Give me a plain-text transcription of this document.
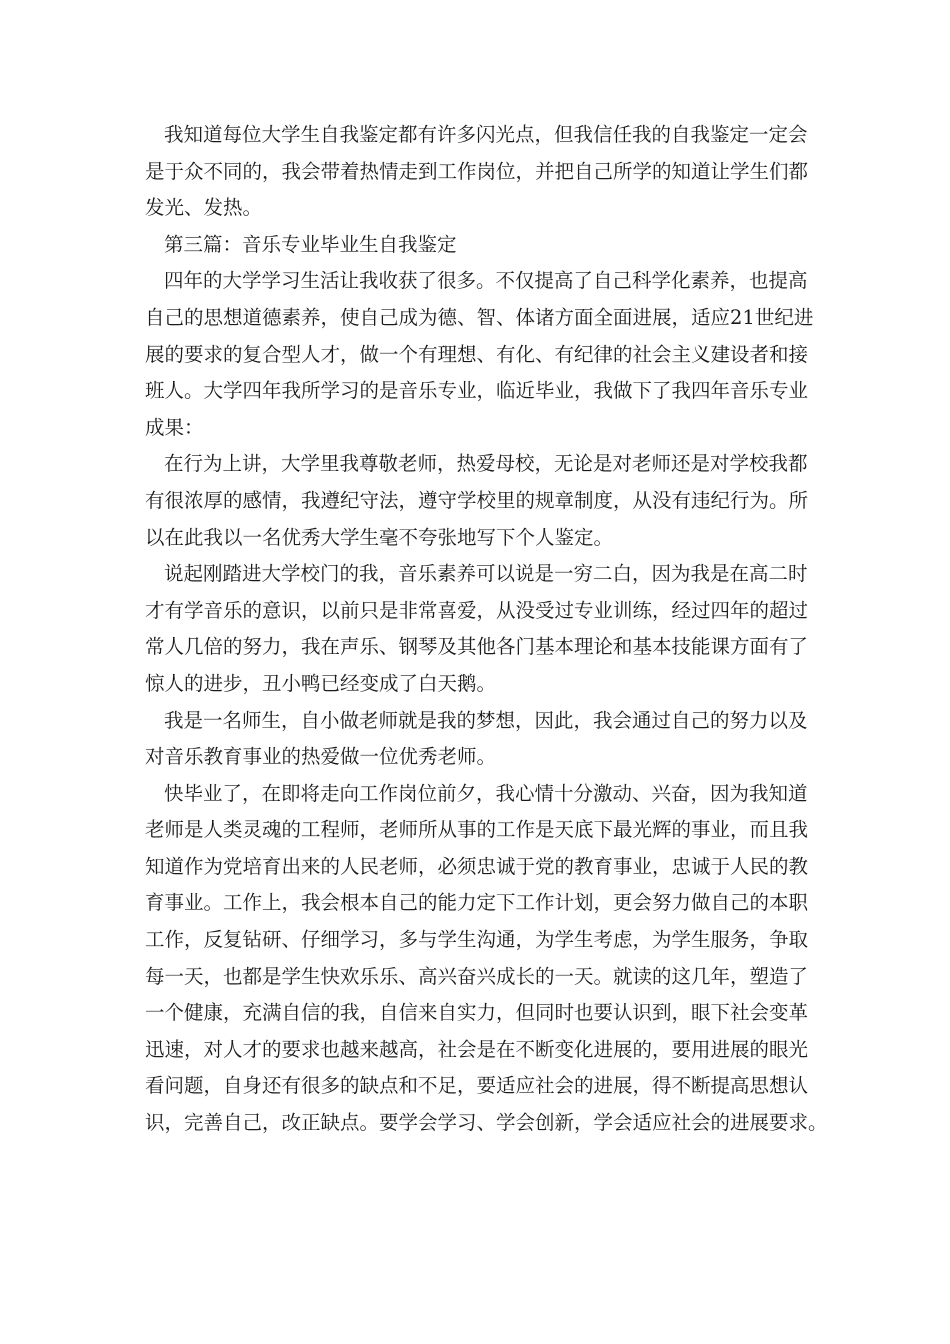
我知道每位大学生自我鉴定都有许多闪光点，但我信任我的自我鉴定一定会
是于众不同的，我会带着热情走到工作岗位，并把自己所学的知道让学生们都
发光、发热。
第三篇：音乐专业毕业生自我鉴定
四年的大学学习生活让我收获了很多。不仅提高了自己科学化素养，也提高
自己的思想道德素养，使自己成为德、智、体诸方面全面进展，适应21世纪进
展的要求的复合型人才，做一个有理想、有化、有纪律的社会主义建设者和接
班人。大学四年我所学习的是音乐专业，临近毕业，我做下了我四年音乐专业
成果：
在行为上讲，大学里我尊敬老师，热爱母校，无论是对老师还是对学校我都
有很浓厚的感情，我遵纪守法，遵守学校里的规章制度，从没有违纪行为。所
以在此我以一名优秀大学生毫不夸张地写下个人鉴定。
说起刚踏进大学校门的我，音乐素养可以说是一穷二白，因为我是在高二时
才有学音乐的意识，以前只是非常喜爱，从没受过专业训练，经过四年的超过
常人几倍的努力，我在声乐、钢琴及其他各门基本理论和基本技能课方面有了
惊人的进步，丑小鸭已经变成了白天鹅。
我是一名师生，自小做老师就是我的梦想，因此，我会通过自己的努力以及
对音乐教育事业的热爱做一位优秀老师。
快毕业了，在即将走向工作岗位前夕，我心情十分激动、兴奋，因为我知道
老师是人类灵魂的工程师，老师所从事的工作是天底下最光辉的事业，而且我
知道作为党培育出来的人民老师，必须忠诚于党的教育事业，忠诚于人民的教
育事业。工作上，我会根本自己的能力定下工作计划，更会努力做自己的本职
工作，反复钻研、仔细学习，多与学生沟通，为学生考虑，为学生服务，争取
每一天，也都是学生快欢乐乐、高兴奋兴成长的一天。就读的这几年，塑造了
一个健康，充满自信的我，自信来自实力，但同时也要认识到，眼下社会变革
迅速，对人才的要求也越来越高，社会是在不断变化进展的，要用进展的眼光
看问题，自身还有很多的缺点和不足，要适应社会的进展，得不断提高思想认
识，完善自己，改正缺点。要学会学习、学会创新，学会适应社会的进展要求。
